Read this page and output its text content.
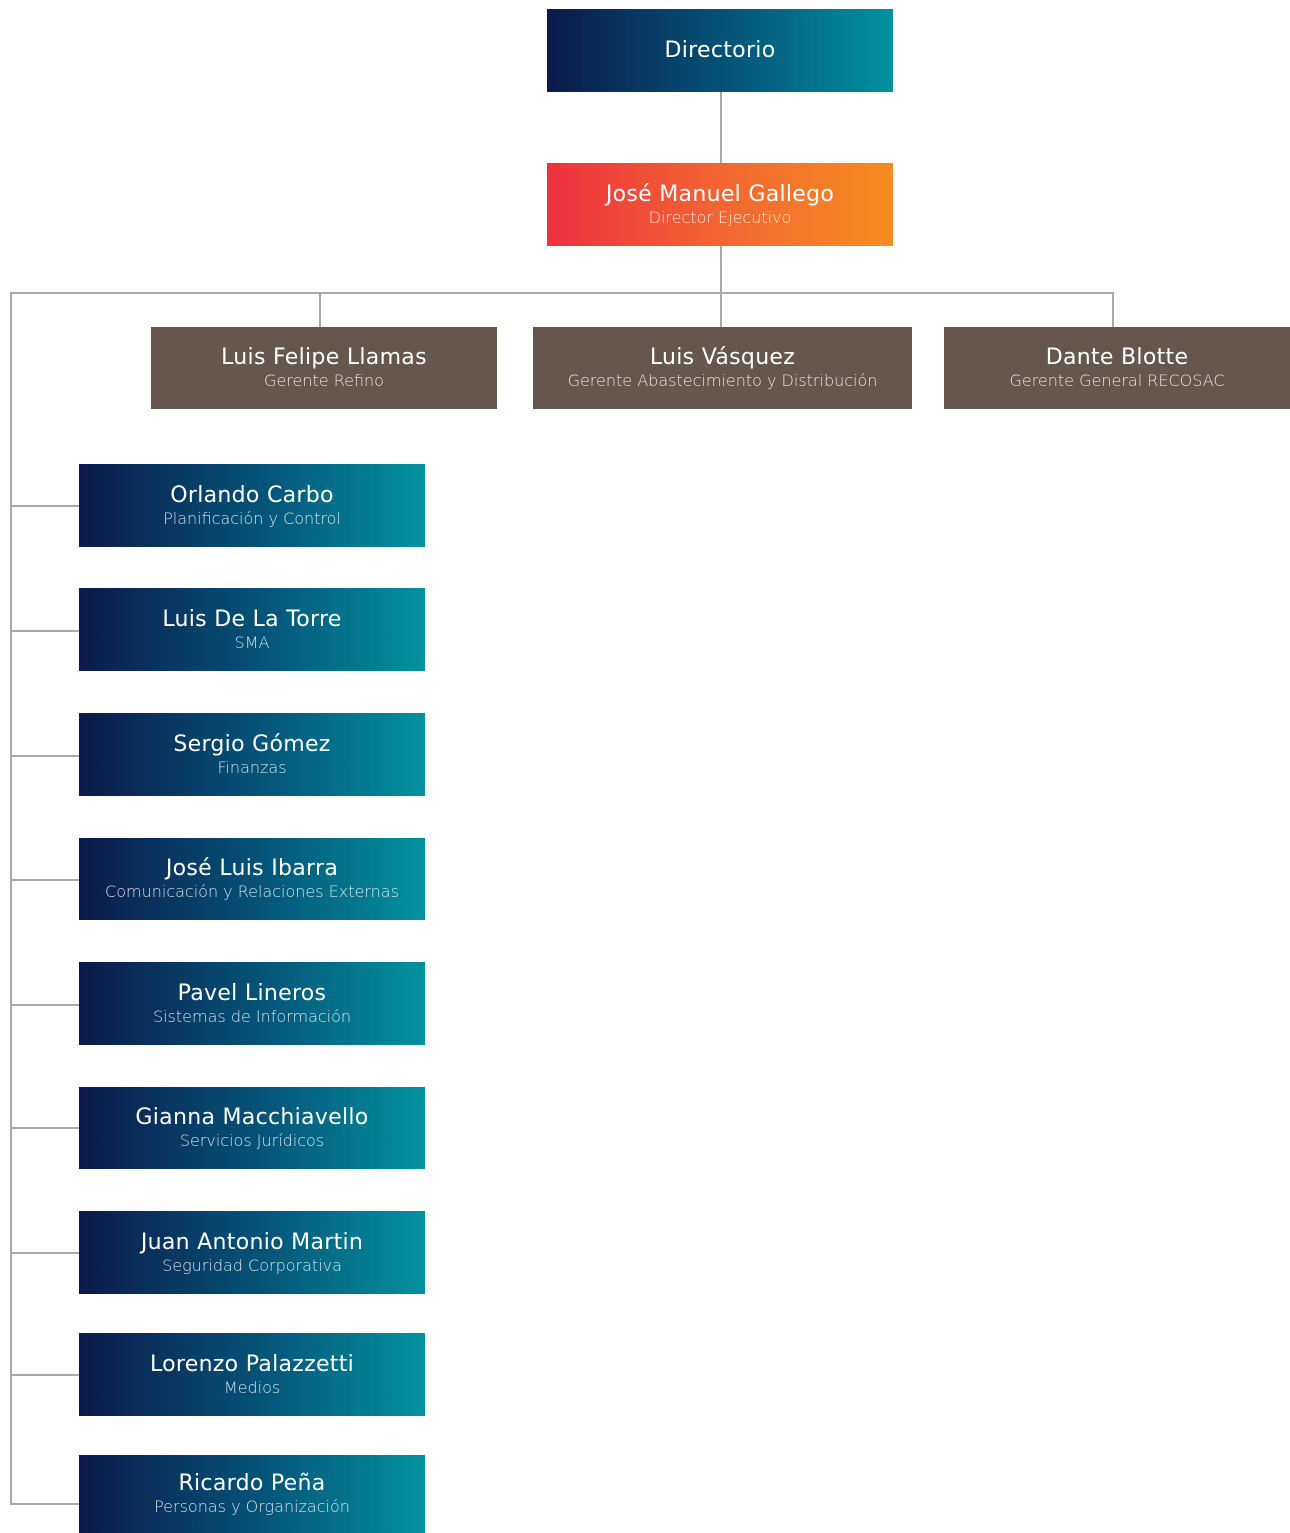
Directorio
José Manuel Gallego
Director Ejecutivo
Luis Felipe Llamas
Gerente Refino
Luis Vásquez
Gerente Abastecimiento y Distribución
Dante Blotte
Gerente General RECOSAC
Orlando Carbo
Planificación y Control
Luis De La Torre
SMA
Sergio Gómez
Finanzas
José Luis Ibarra
Comunicación y Relaciones Externas
Pavel Lineros
Sistemas de Información
Gianna Macchiavello
Servicios Jurídicos
Juan Antonio Martin
Seguridad Corporativa
Lorenzo Palazzetti
Medios
Ricardo Peña
Personas y Organización
